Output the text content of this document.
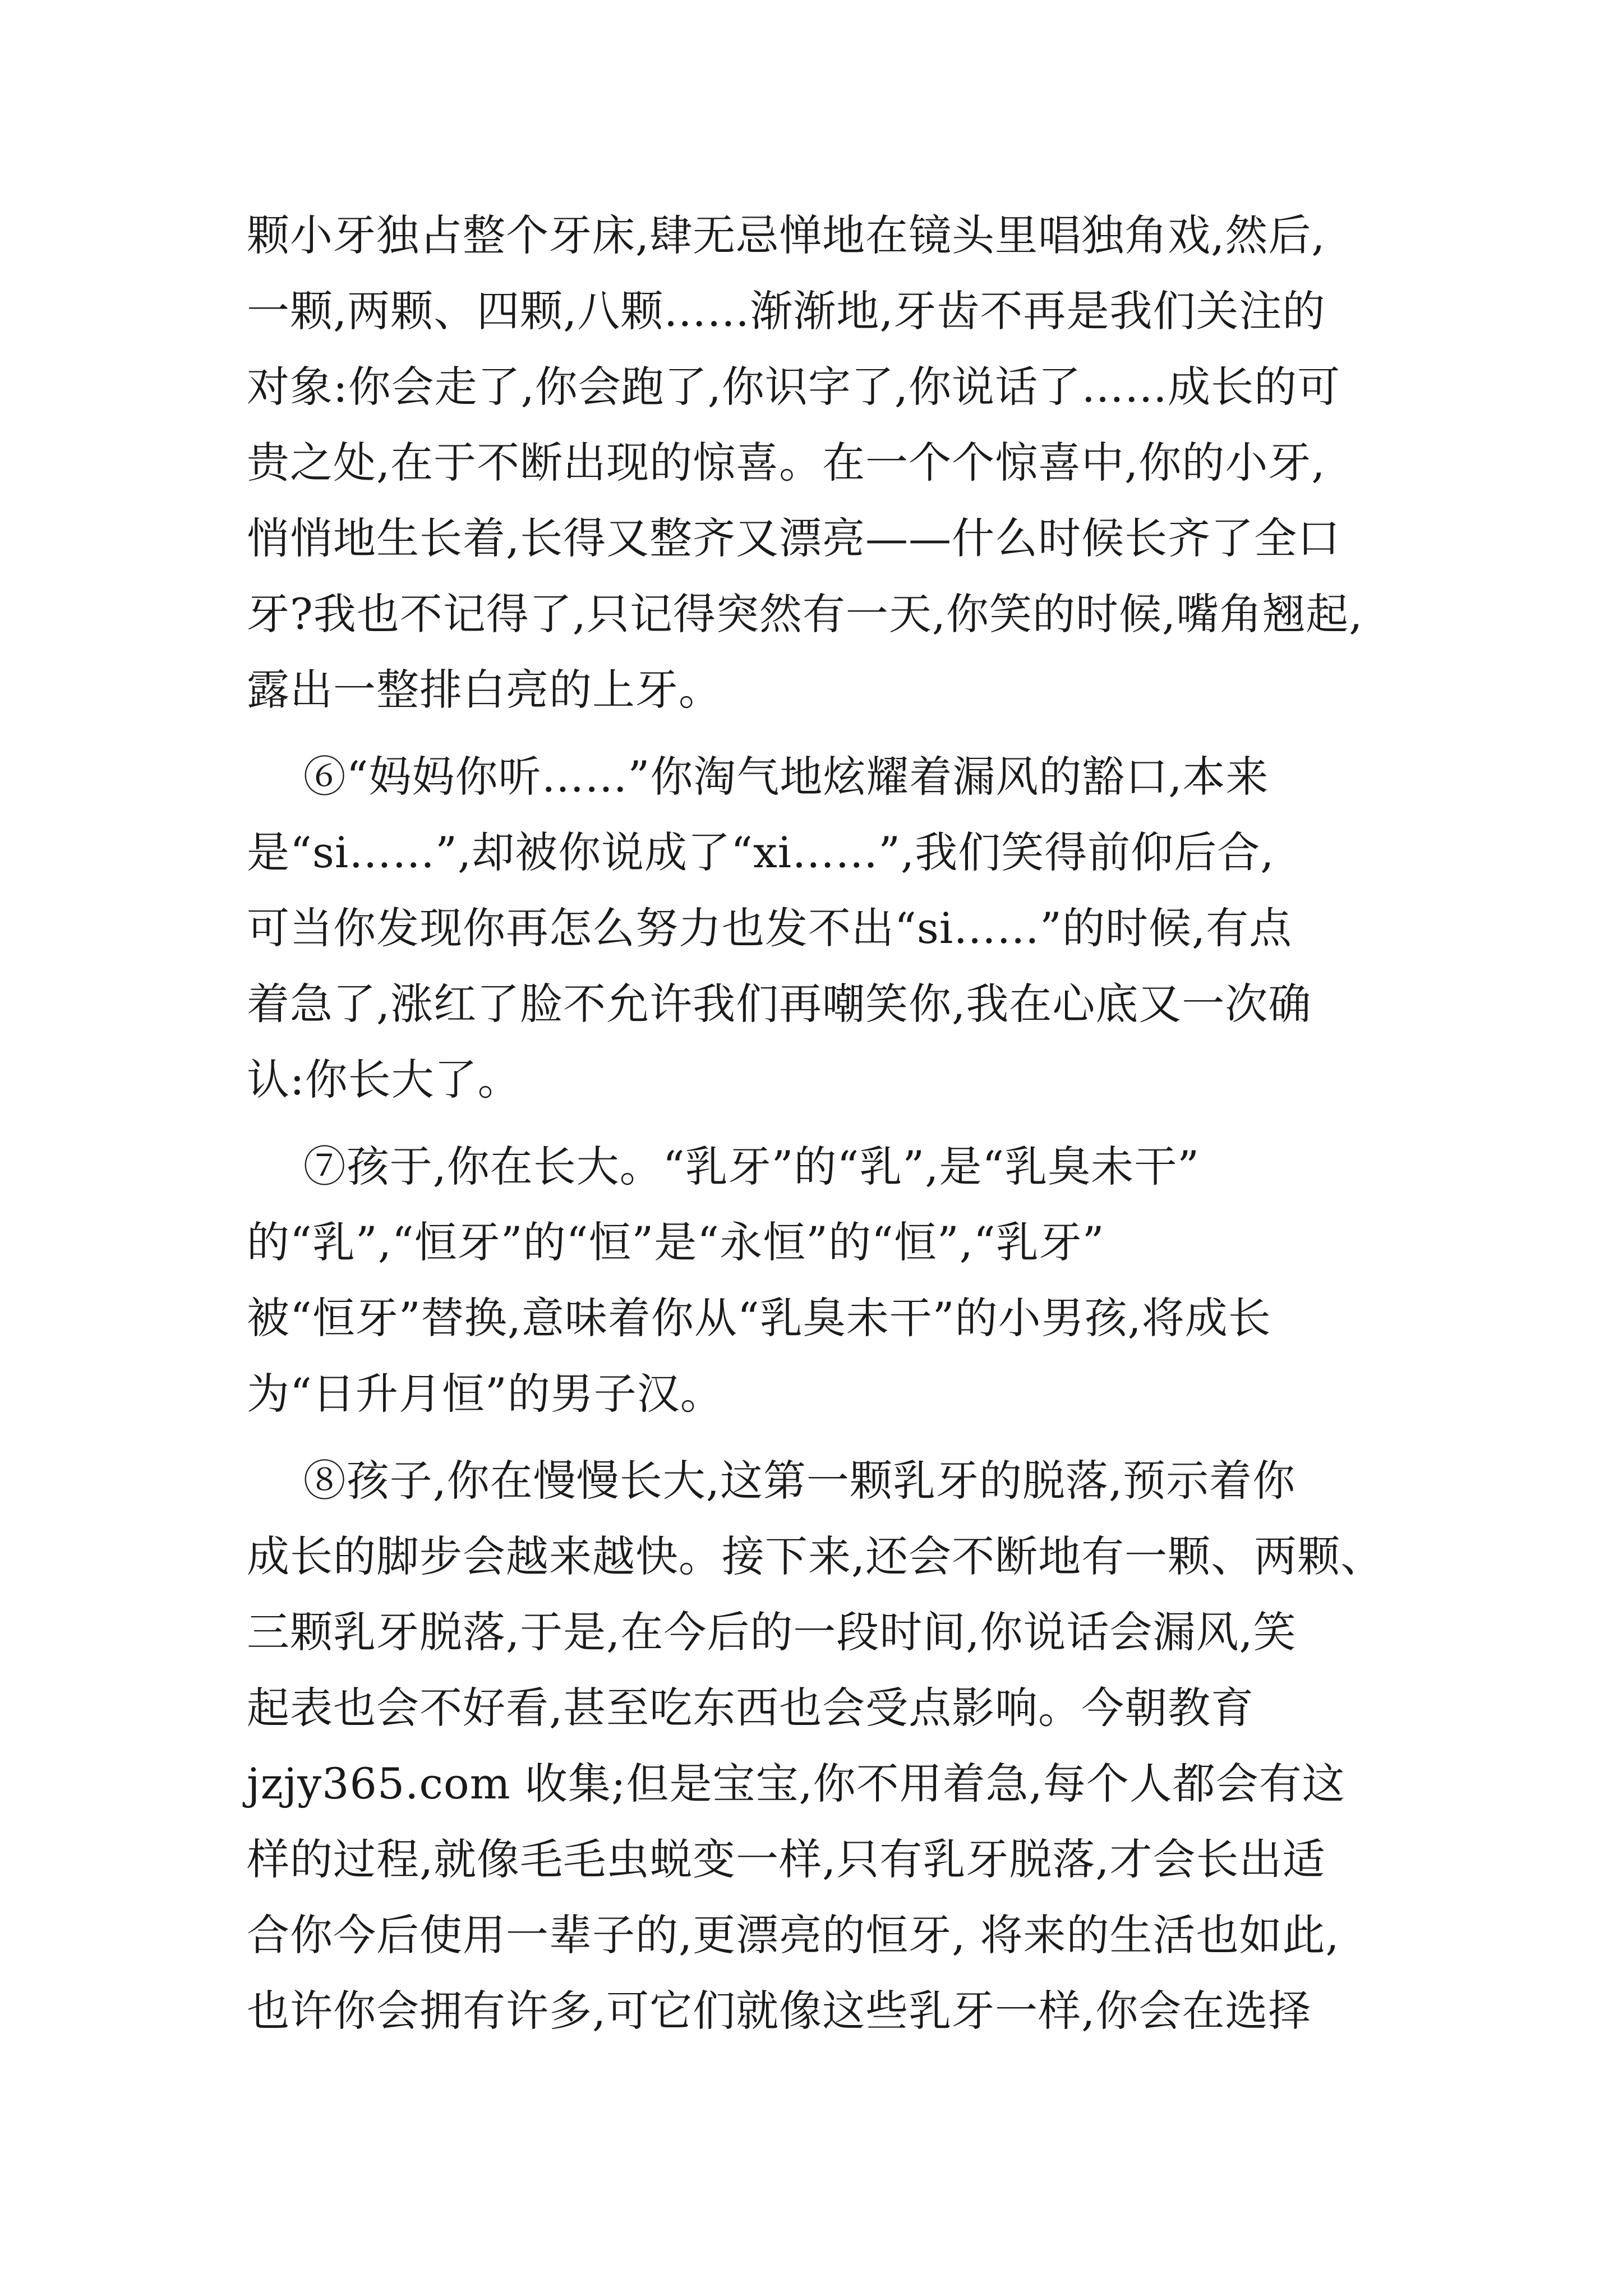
颗小牙独占整个牙床,肆无忌惮地在镜头里唱独角戏,然后,
一颗,两颗、四颗,八颗……渐渐地,牙齿不再是我们关注的
对象:你会走了,你会跑了,你识字了,你说话了……成长的可
贵之处,在于不断出现的惊喜。在一个个惊喜中,你的小牙,
悄悄地生长着,长得又整齐又漂亮——什么时候长齐了全口
牙?我也不记得了,只记得突然有一天,你笑的时候,嘴角翘起,
露出一整排白亮的上牙。
⑥“妈妈你听……”你淘气地炫耀着漏风的豁口,本来
是“si……”,却被你说成了“xi……”,我们笑得前仰后合,
可当你发现你再怎么努力也发不出“si……”的时候,有点
着急了,涨红了脸不允许我们再嘲笑你,我在心底又一次确
认:你长大了。
⑦孩于,你在长大。“乳牙”的“乳”,是“乳臭未干”
的“乳”,“恒牙”的“恒”是“永恒”的“恒”,“乳牙”
被“恒牙”替换,意味着你从“乳臭未干”的小男孩,将成长
为“日升月恒”的男子汉。
⑧孩子,你在慢慢长大,这第一颗乳牙的脱落,预示着你
成长的脚步会越来越快。接下来,还会不断地有一颗、两颗、
三颗乳牙脱落,于是,在今后的一段时间,你说话会漏风,笑
起表也会不好看,甚至吃东西也会受点影响。今朝教育
jzjy365.com 收集;但是宝宝,你不用着急,每个人都会有这
样的过程,就像毛毛虫蜕变一样,只有乳牙脱落,才会长出适
合你今后使用一辈子的,更漂亮的恒牙, 将来的生活也如此,
也许你会拥有许多,可它们就像这些乳牙一样,你会在选择
